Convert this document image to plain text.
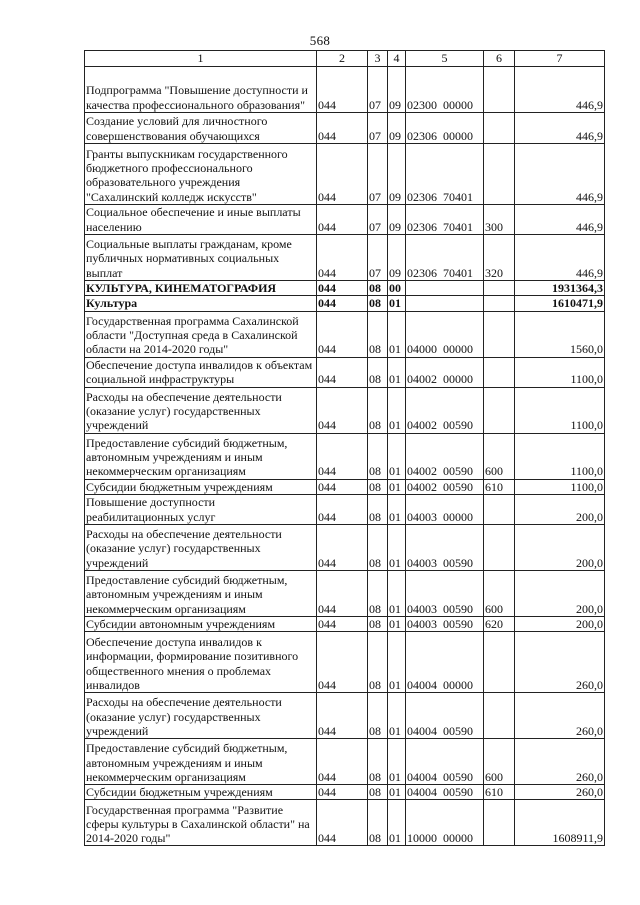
568
1	2	3	4	5	6	7
Подпрограмма "Повышение доступности и качества профессионального образования"	044	07	09	02300  00000		446,9
Создание условий для личностного совершенствования обучающихся	044	07	09	02306  00000		446,9
Гранты выпускникам государственного бюджетного профессионального образовательного учреждения "Сахалинский колледж искусств"	044	07	09	02306  70401		446,9
Социальное обеспечение и иные выплаты населению	044	07	09	02306  70401	300	446,9
Социальные выплаты гражданам, кроме публичных нормативных социальных выплат	044	07	09	02306  70401	320	446,9
КУЛЬТУРА, КИНЕМАТОГРАФИЯ	044	08	00			1931364,3
Культура	044	08	01			1610471,9
Государственная программа Сахалинской области "Доступная среда в Сахалинской области на 2014-2020 годы"	044	08	01	04000  00000		1560,0
Обеспечение доступа инвалидов к объектам социальной инфраструктуры	044	08	01	04002  00000		1100,0
Расходы на обеспечение деятельности (оказание услуг) государственных учреждений	044	08	01	04002  00590		1100,0
Предоставление субсидий бюджетным, автономным учреждениям и иным некоммерческим организациям	044	08	01	04002  00590	600	1100,0
Субсидии бюджетным учреждениям	044	08	01	04002  00590	610	1100,0
Повышение доступности реабилитационных услуг	044	08	01	04003  00000		200,0
Расходы на обеспечение деятельности (оказание услуг) государственных учреждений	044	08	01	04003  00590		200,0
Предоставление субсидий бюджетным, автономным учреждениям и иным некоммерческим организациям	044	08	01	04003  00590	600	200,0
Субсидии автономным учреждениям	044	08	01	04003  00590	620	200,0
Обеспечение доступа инвалидов к информации, формирование позитивного общественного мнения о проблемах инвалидов	044	08	01	04004  00000		260,0
Расходы на обеспечение деятельности (оказание услуг) государственных учреждений	044	08	01	04004  00590		260,0
Предоставление субсидий бюджетным, автономным учреждениям и иным некоммерческим организациям	044	08	01	04004  00590	600	260,0
Субсидии бюджетным учреждениям	044	08	01	04004  00590	610	260,0
Государственная программа "Развитие сферы культуры в Сахалинской области" на 2014-2020 годы"	044	08	01	10000  00000		1608911,9
